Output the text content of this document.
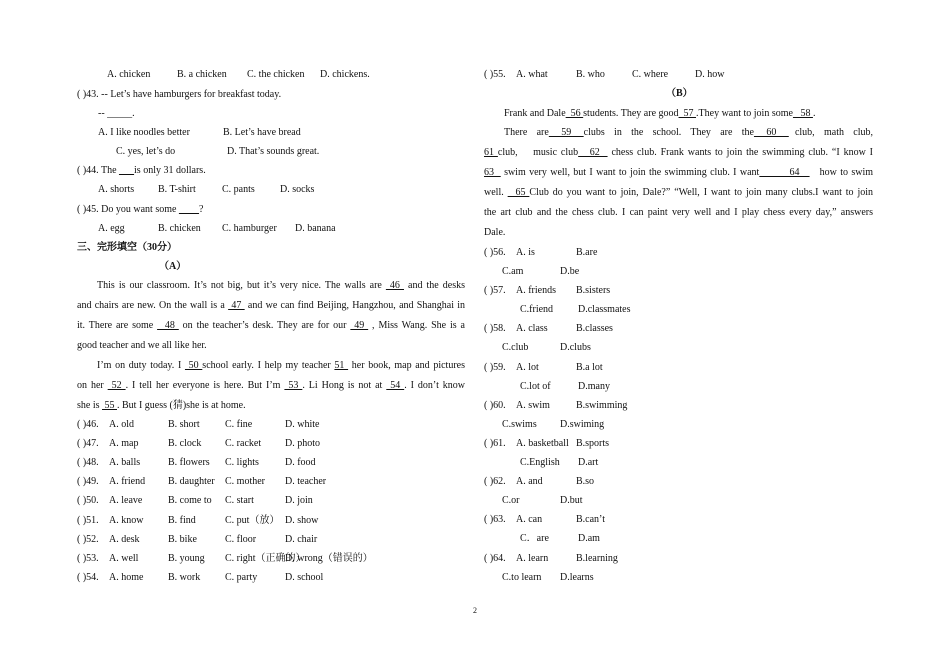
A. chicken	B. a chicken C. the chicken D. chickens.
( )43. -- Let’s have hamburgers for breakfast today.
-- _____.
A. I like noodles better	B. Let’s have bread
C. yes, let’s do	D. That’s sounds great.
( )44. The ___is only 31 dollars.
A. shorts B. T-shirt	C. pants	D. socks
( )45. Do you want some ____?
A. egg	B. chicken C. hamburger D. banana
三、完形填空（30分）
（A）
This is our classroom. It’s not big, but it’s very nice. The walls are  46  and the desks
and chairs are new. On the wall is a  47  and we can find Beijing, Hangzhou, and Shanghai in
it. There are some   48  on the teacher’s desk. They are for our  49  , Miss Wang. She is a
good teacher and we all like her.
I’m on duty today. I  50 school early. I help my teacher 51  her book, map and pictures
on her  52 . I tell her everyone is here. But I’m  53 . Li Hong is not at  54 . I don’t know
she is  55 . But I guess (猜)she is at home.
( )46. A. old	B. short	C. fine	D. white
( )47. A. map	B. clock C. racket D. photo
( )48. A. balls	B. flowers C. lights	D. food
( )49. A. friend B. daughter C. mother D. teacher
( )50. A. leave	B. come to C. start	D. join
( )51. A. know B. find	C. put（放） D. show
( )52. A. desk	B. bike	C. floor	D. chair
( )53. A. well	B. young C. right（正确的）
D. wrong（错误的）
( )54. A. home B. work C. party	D. school
( )55. A. what	B. who	C. where	D. how
（B）
Frank and Dale  56 students. They are good  57 .They want to join some   58 .
There   are    59    clubs   in   the   school.   They   are   the    60      club,   math   club,
61 club,    music club   62   chess club. Frank wants to join the swimming club. “I know I
63   swim very well, but I want to join the swimming club. I want         64      how to swim
well.   65 Club do you want to join, Dale?” “Well, I want to join many clubs.I want to join
the art club and the chess club. I can paint very well and I play chess every day,” answers
Dale.
( )56. A. is	B.are
C.am	D.be
( )57. A. friends B.sisters
C.friend D.classmates
( )58. A. class	B.classes
C.club	D.clubs
( )59. A. lot	B.a lot
C.lot of	D.many
( )60. A. swim	B.swimming
C.swims D.swiming
( )61. A. basketball B.sports
C.English D.art
( )62. A. and	B.so
C.or	D.but
( )63. A. can	B.can’t
C．are	D.am
( )64. A. learn	B.learning
C.to learn D.learns
2
